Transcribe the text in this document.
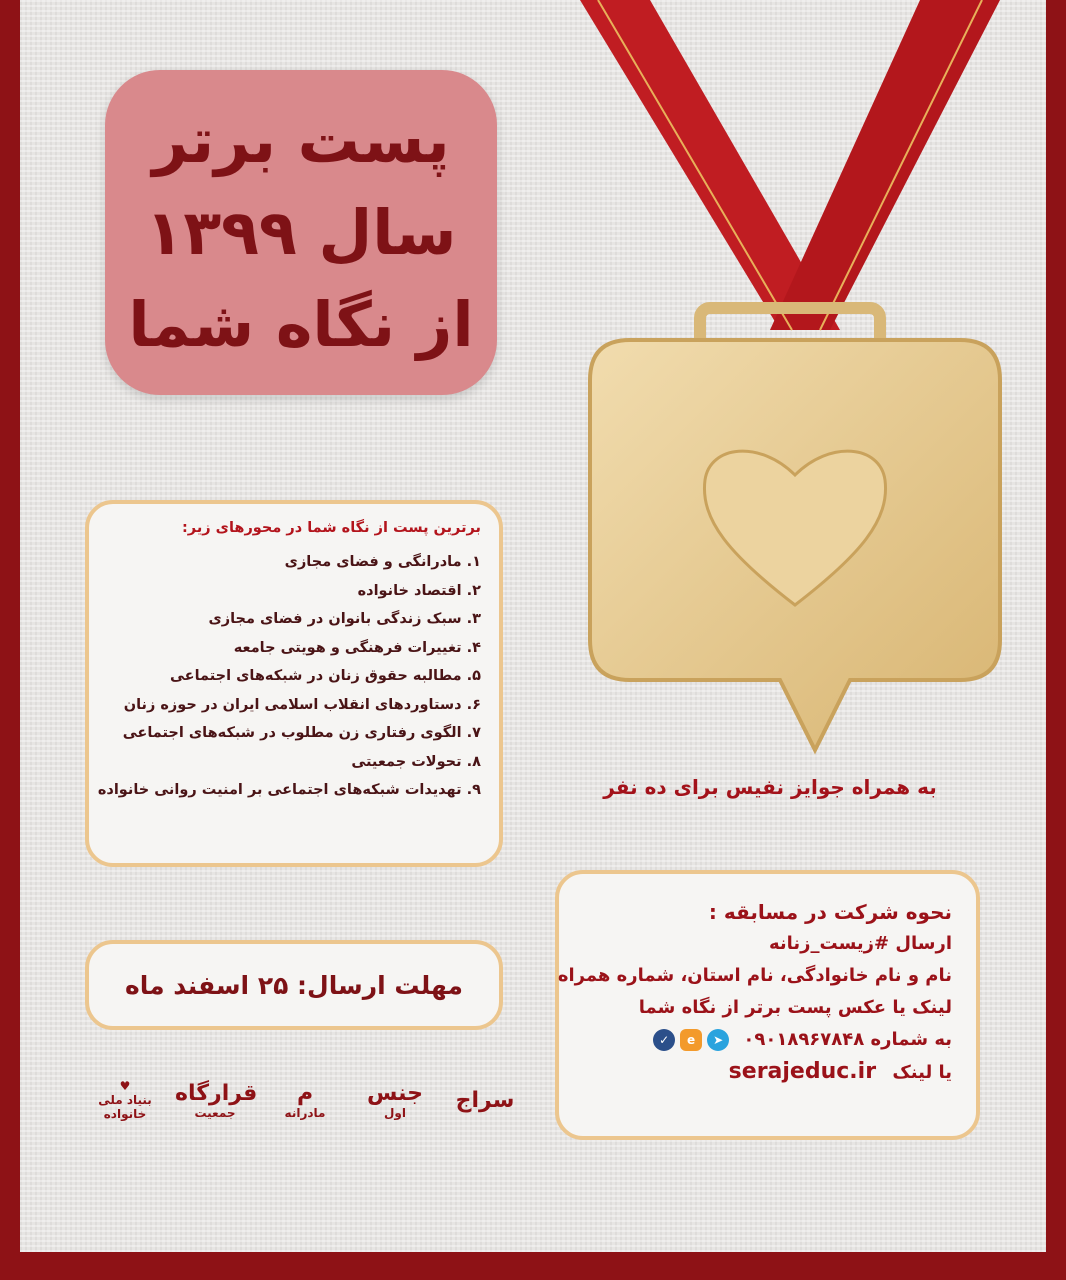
پست برتر
سال ۱۳۹۹
از نگاه شما
برترین پست از نگاه شما در محورهای زیر:
۱. مادرانگی و فضای مجازی
۲. اقتصاد خانواده
۳. سبک زندگی بانوان در فضای مجازی
۴. تغییرات فرهنگی و هویتی جامعه
۵. مطالبه حقوق زنان در شبکه‌های اجتماعی
۶. دستاوردهای انقلاب اسلامی ایران در حوزه زنان
۷. الگوی رفتاری زن مطلوب در شبکه‌های اجتماعی
۸. تحولات جمعیتی
۹. تهدیدات شبکه‌های اجتماعی بر امنیت روانی خانواده
مهلت ارسال: ۲۵ اسفند ماه
به همراه جوایز نفیس برای ده نفر
نحوه شرکت در مسابقه :
ارسال #زیست_زنانه
نام و نام خانوادگی، نام استان، شماره همراه
لینک یا عکس پست برتر از نگاه شما
به شماره ۰۹۰۱۸۹۶۷۸۴۸
➤
e
✓
یا لینک serajeduc.ir
♥
بنیاد ملی خانواده
قرارگاه
جمعیت
ﻡ
مادرانه
جنس
اول	سراج
